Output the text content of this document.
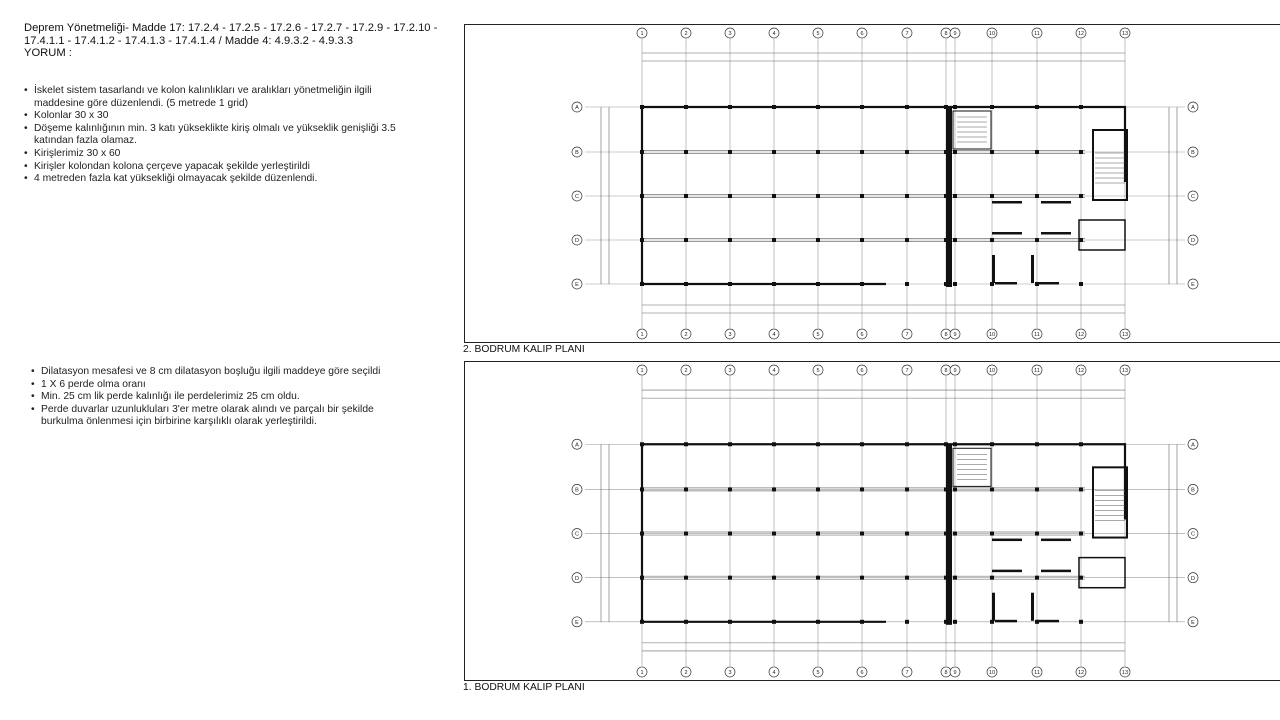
Deprem Yönetmeliği- Madde 17: 17.2.4 - 17.2.5 - 17.2.6 - 17.2.7 - 17.2.9 - 17.2.10 -
17.4.1.1 - 17.4.1.2 - 17.4.1.3 - 17.4.1.4 / Madde 4: 4.9.3.2 - 4.9.3.3
YORUM :
• İskelet sistem tasarlandı ve kolon kalınlıkları ve aralıkları yönetmeliğin ilgili maddesine göre düzenlendi. (5 metrede 1 grid)
• Kolonlar 30 x 30
• Döşeme kalınlığının min. 3 katı yükseklikte kiriş olmalı ve yükseklik genişliği 3.5 katından fazla olamaz.
• Kirişlerimiz 30 x 60
• Kirişler kolondan kolona çerçeve yapacak şekilde yerleştirildi
• 4 metreden fazla kat yüksekliği olmayacak şekilde düzenlendi.
• Dilatasyon mesafesi ve 8 cm dilatasyon boşluğu ilgili maddeye göre seçildi
• 1 X 6 perde olma oranı
• Min. 25 cm lik perde kalınlığı ile perdelerimiz 25 cm oldu.
• Perde duvarlar uzunlukluları 3'er metre olarak alındı ve parçalı bir şekilde burkulma önlenmesi için birbirine karşılıklı olarak yerleştirildi.
1
1
2
2
3
3
4
4
5
5
6
6
7
7
8
8
9
9
10
10
11
11
12
12
13
13
A	A
B	B
C	C
D	D
E	E
2. BODRUM KALIP PLANI
1
1
2
2
3
3
4
4
5
5
6
6
7
7
8
8
9
9
10
10
11
11
12
12
13
13
A	A
B	B
C	C
D	D
E	E
1. BODRUM KALIP PLANI
